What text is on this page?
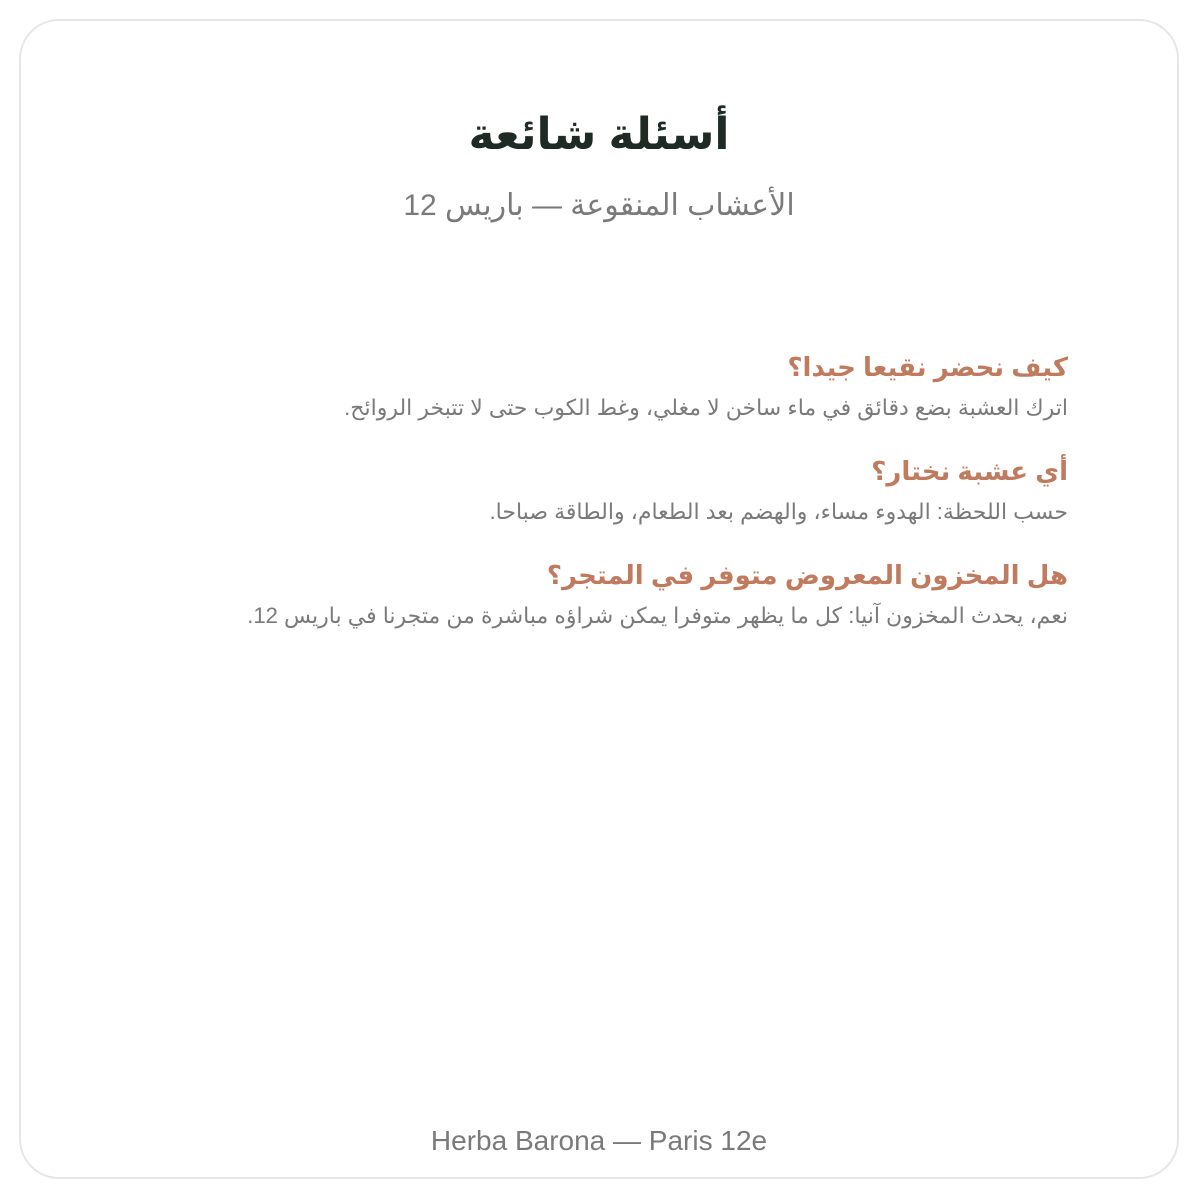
أسئلة شائعة

الأعشاب المنقوعة — باريس 12

كيف نحضر نقيعا جيدا؟

اترك العشبة بضع دقائق في ماء ساخن لا مغلي، وغط الكوب حتى لا تتبخر الروائح.

أي عشبة نختار؟

حسب اللحظة: الهدوء مساء، والهضم بعد الطعام، والطاقة صباحا.

هل المخزون المعروض متوفر في المتجر؟

نعم، يحدث المخزون آنيا: كل ما يظهر متوفرا يمكن شراؤه مباشرة من متجرنا في باريس 12.

Herba Barona — Paris 12e
